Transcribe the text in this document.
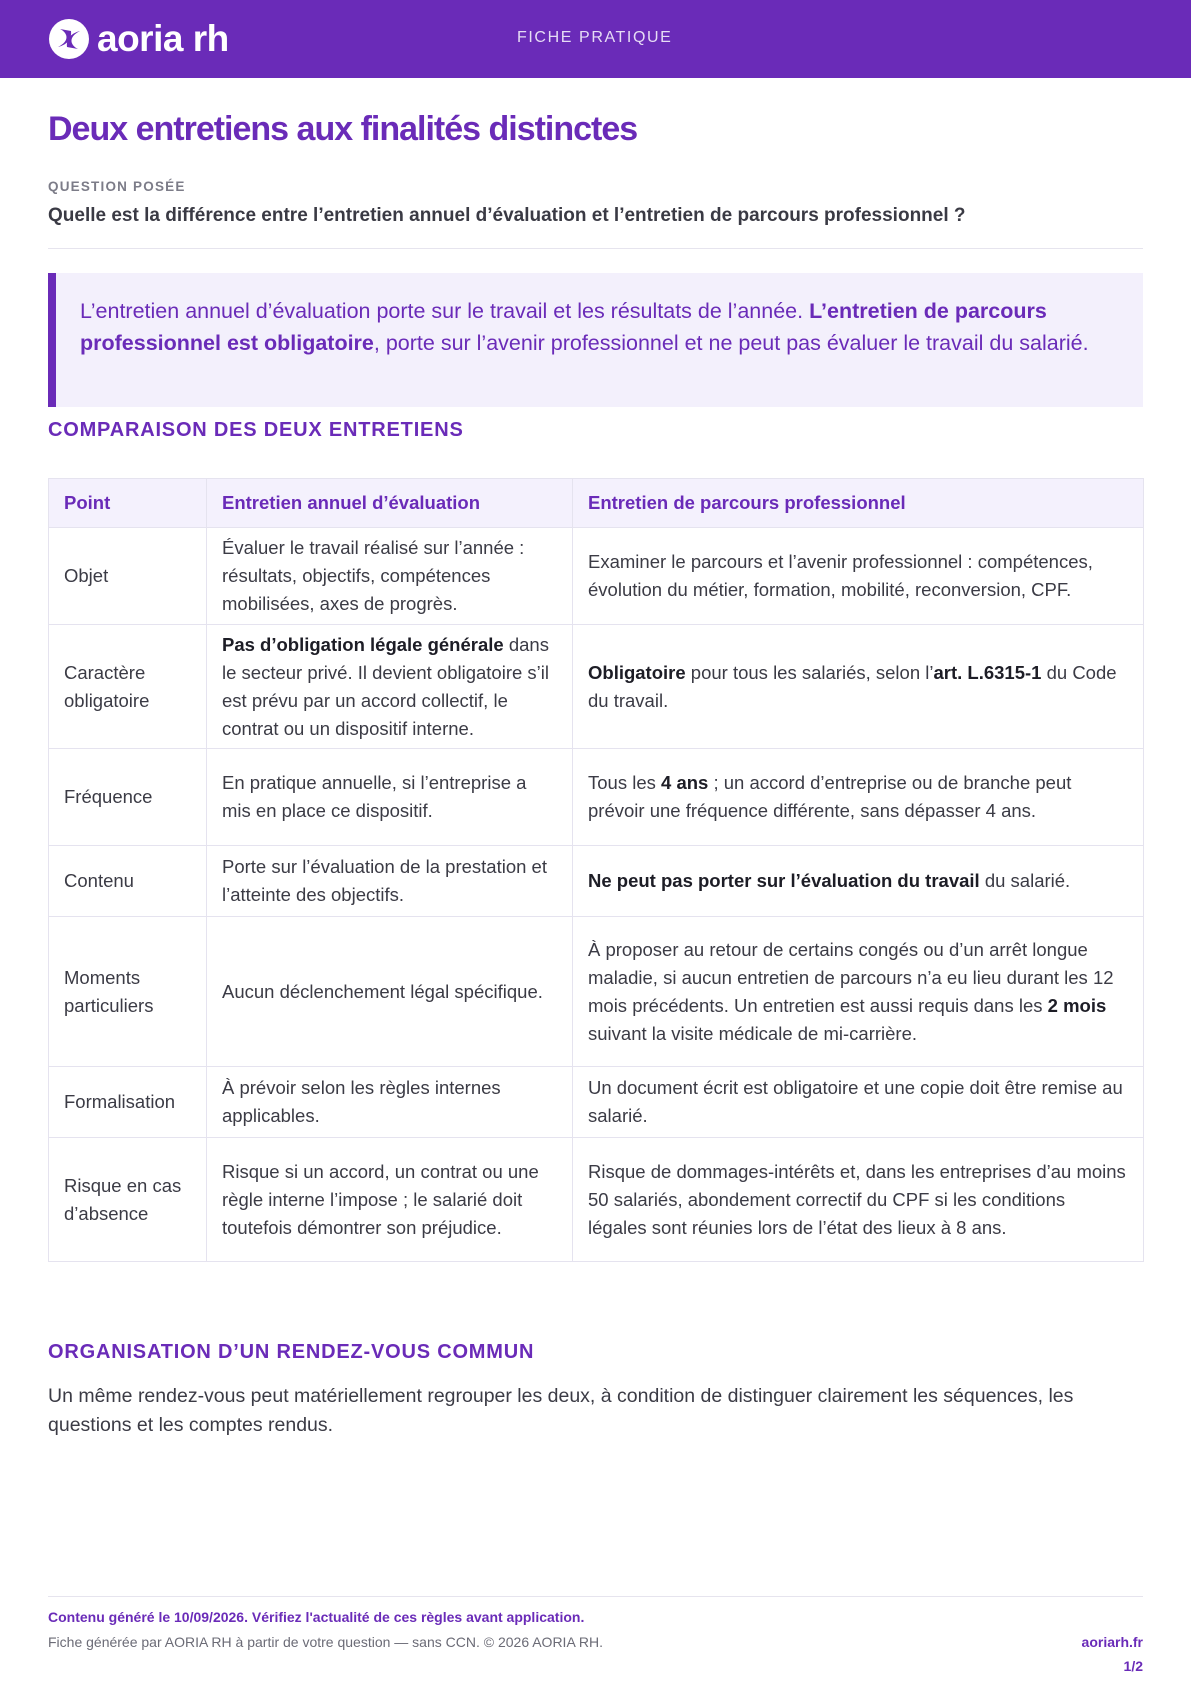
aoria rh	FICHE PRATIQUE
Deux entretiens aux finalités distinctes
QUESTION POSÉE
Quelle est la différence entre l’entretien annuel d’évaluation et l’entretien de parcours professionnel ?
L’entretien annuel d’évaluation porte sur le travail et les résultats de l’année. L’entretien de parcours professionnel est obligatoire, porte sur l’avenir professionnel et ne peut pas évaluer le travail du salarié.
COMPARAISON DES DEUX ENTRETIENS
Point	Entretien annuel d’évaluation	Entretien de parcours professionnel
Objet	Évaluer le travail réalisé sur l’année : résultats, objectifs, compétences mobilisées, axes de progrès.	Examiner le parcours et l’avenir professionnel : compétences, évolution du métier, formation, mobilité, reconversion, CPF.
Caractère obligatoire	Pas d’obligation légale générale dans le secteur privé. Il devient obligatoire s’il est prévu par un accord collectif, le contrat ou un dispositif interne.	Obligatoire pour tous les salariés, selon l’art. L.6315-1 du Code du travail.
Fréquence	En pratique annuelle, si l’entreprise a mis en place ce dispositif.	Tous les 4 ans ; un accord d’entreprise ou de branche peut prévoir une fréquence différente, sans dépasser 4 ans.
Contenu	Porte sur l’évaluation de la prestation et l’atteinte des objectifs.	Ne peut pas porter sur l’évaluation du travail du salarié.
Moments particuliers	Aucun déclenchement légal spécifique.	À proposer au retour de certains congés ou d’un arrêt longue maladie, si aucun entretien de parcours n’a eu lieu durant les 12 mois précédents. Un entretien est aussi requis dans les 2 mois suivant la visite médicale de mi-carrière.
Formalisation	À prévoir selon les règles internes applicables.	Un document écrit est obligatoire et une copie doit être remise au salarié.
Risque en cas d’absence	Risque si un accord, un contrat ou une règle interne l’impose ; le salarié doit toutefois démontrer son préjudice.	Risque de dommages-intérêts et, dans les entreprises d’au moins 50 salariés, abondement correctif du CPF si les conditions légales sont réunies lors de l’état des lieux à 8 ans.
ORGANISATION D’UN RENDEZ-VOUS COMMUN

Un même rendez-vous peut matériellement regrouper les deux, à condition de distinguer clairement les séquences, les questions et les comptes rendus.

Contenu généré le 10/09/2026. Vérifiez l'actualité de ces règles avant application.
Fiche générée par AORIA RH à partir de votre question — sans CCN. © 2026 AORIA RH.	aoriarh.fr
1/2
